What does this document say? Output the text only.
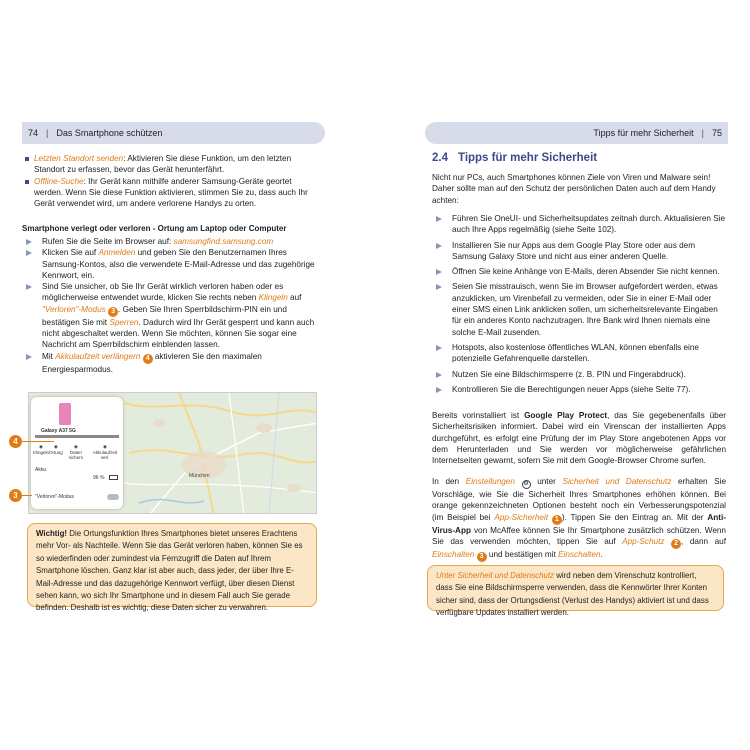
74 | Das Smartphone schützen	Tipps für mehr Sicherheit | 75
Letzten Standort senden: Aktivieren Sie diese Funktion, um den letzten Standort zu erfassen, bevor das Gerät herunterfährt.
Offline-Suche: Ihr Gerät kann mithilfe anderer Samsung-Geräte geortet werden. Wenn Sie diese Funktion aktivieren, stimmen Sie zu, dass auch Ihr Gerät verwendet wird, um andere verlorene Handys zu orten.
Smartphone verlegt oder verloren - Ortung am Laptop oder Computer
Rufen Sie die Seite im Browser auf: samsungfind.samsung.com
Klicken Sie auf Anmelden und geben Sie den Benutzernamen Ihres Samsung-Kontos, also die verwendete E-Mail-Adresse und das zugehörige Kennwort, ein.
Sind Sie unsicher, ob Sie Ihr Gerät wirklich verloren haben oder es möglicherweise entwendet wurde, klicken Sie rechts neben Klingeln auf "Verloren"-Modus 3 . Geben Sie Ihren Sperrbildschirm-PIN ein und bestätigen Sie mit Sperren. Dadurch wird Ihr Gerät gesperrt und kann auch nicht abgeschaltet werden. Wenn Sie möchten, können Sie sogar eine Nachricht am Sperrbildschirm einblenden lassen.
Mit Akkulaufzeit verlängern 4 aktivieren Sie den maximalen Energiesparmodus.
München
Galaxy A37 5G
◉
Klingeln
◉
Ortung
◉
Daten sichern
◉
Akkulaufzeit verl.
Akku
96 %
"Verloren"-Modus
4
3
Wichtig! Die Ortungsfunktion Ihres Smartphones bietet unseres Erachtens mehr Vor- als Nachteile. Wenn Sie das Gerät verloren haben, können Sie es so wiederfinden oder zumindest via Fernzugriff die Daten auf Ihrem Smartphone löschen. Ganz klar ist aber auch, dass jeder, der über Ihre E-Mail-Adresse und das dazugehörige Kennwort verfügt, über diesen Dienst sehen kann, wo sich Ihr Smartphone und in diesem Fall auch Sie gerade befinden. Deshalb ist es wichtig, diese Daten sicher zu verwahren.
2.4 Tipps für mehr Sicherheit
Nicht nur PCs, auch Smartphones können Ziele von Viren und Malware sein! Daher sollte man auf den Schutz der persönlichen Daten auch auf dem Handy achten:
Führen Sie OneUI- und Sicherheitsupdates zeitnah durch. Aktualisieren Sie auch Ihre Apps regelmäßig (siehe Seite 102).
Installieren Sie nur Apps aus dem Google Play Store oder aus dem Samsung Galaxy Store und nicht aus einer anderen Quelle.
Öffnen Sie keine Anhänge von E-Mails, deren Absender Sie nicht kennen.
Seien Sie misstrauisch, wenn Sie im Browser aufgefordert werden, etwas anzuklicken, um Virenbefall zu vermeiden, oder Sie in einer E-Mail oder einer SMS einen Link anklicken sollen, um sicherheitsrelevante Eingaben für ein anderes Konto nachzutragen. Ihre Bank wird Ihnen niemals eine solche E-Mail zusenden.
Hotspots, also kostenlose öffentliches WLAN, können ebenfalls eine potenzielle Gefahrenquelle darstellen.
Nutzen Sie eine Bildschirmsperre (z. B. PIN und Fingerabdruck).
Kontrollieren Sie die Berechtigungen neuer Apps (siehe Seite 77).
Bereits vorinstalliert ist Google Play Protect, das Sie gegebenenfalls über Sicherheitsrisiken informiert. Dabei wird ein Virenscan der installierten Apps durchgeführt, es erfolgt eine Prüfung der im Play Store angebotenen Apps vor dem Herunterladen und Sie werden vor möglicherweise gefährlichen Internetseiten gewarnt, sofern Sie mit dem Google-Browser Chrome surfen.
In den Einstellungen ⚙ unter Sicherheit und Datenschutz erhalten Sie Vorschläge, wie Sie die Sicherheit Ihres Smartphones erhöhen können. Bei orange gekennzeichneten Optionen besteht noch ein Verbesserungspotenzial (im Beispiel bei App-Sicherheit 1 ). Tippen Sie den Eintrag an. Mit der Anti-Virus-App von McAffee können Sie Ihr Smartphone zusätzlich schützen. Wenn Sie das verwenden möchten, tippen Sie auf App-Schutz 2 , dann auf Einschalten 3 und bestätigen mit Einschalten.
Unter Sicherheit und Datenschutz wird neben dem Virenschutz kontrolliert, dass Sie eine Bildschirmsperre verwenden, dass die Kennwörter Ihrer Konten sicher sind, dass der Ortungsdienst (Verlust des Handys) aktiviert ist und dass verfügbare Updates installiert werden.
